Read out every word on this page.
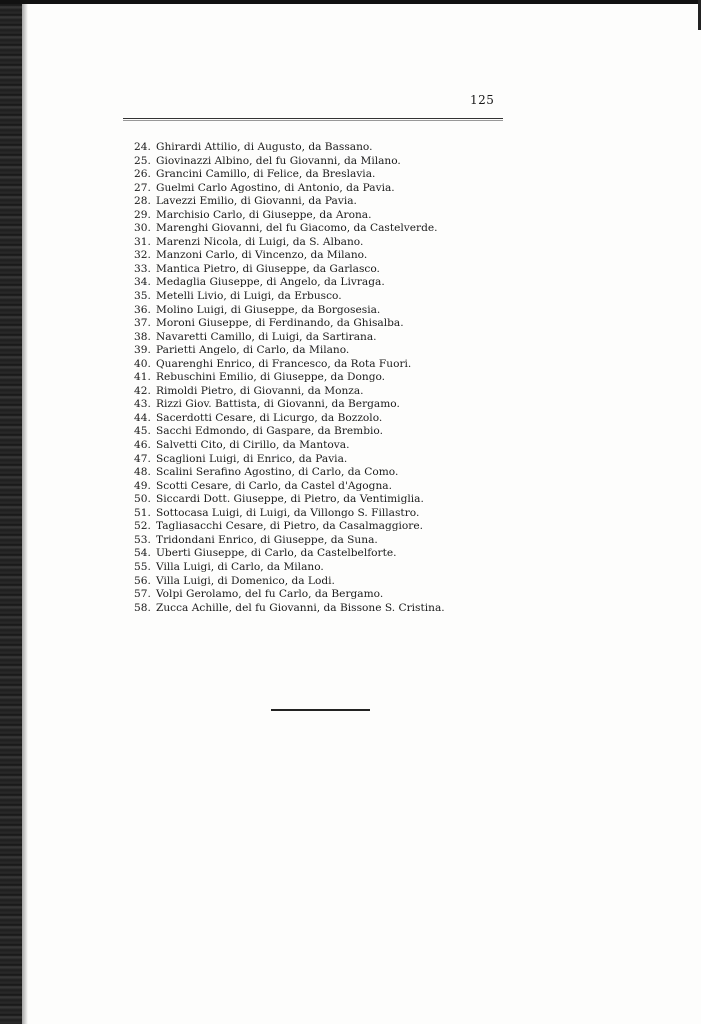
125
24. Ghirardi Attilio, di Augusto, da Bassano.
25. Giovinazzi Albino, del fu Giovanni, da Milano.
26. Grancini Camillo, di Felice, da Breslavia.
27. Guelmi Carlo Agostino, di Antonio, da Pavia.
28. Lavezzi Emilio, di Giovanni, da Pavia.
29. Marchisio Carlo, di Giuseppe, da Arona.
30. Marenghi Giovanni, del fu Giacomo, da Castelverde.
31. Marenzi Nicola, di Luigi, da S. Albano.
32. Manzoni Carlo, di Vincenzo, da Milano.
33. Mantica Pietro, di Giuseppe, da Garlasco.
34. Medaglia Giuseppe, di Angelo, da Livraga.
35. Metelli Livio, di Luigi, da Erbusco.
36. Molino Luigi, di Giuseppe, da Borgosesia.
37. Moroni Giuseppe, di Ferdinando, da Ghisalba.
38. Navaretti Camillo, di Luigi, da Sartirana.
39. Parietti Angelo, di Carlo, da Milano.
40. Quarenghi Enrico, di Francesco, da Rota Fuori.
41. Rebuschini Emilio, di Giuseppe, da Dongo.
42. Rimoldi Pietro, di Giovanni, da Monza.
43. Rizzi Giov. Battista, di Giovanni, da Bergamo.
44. Sacerdotti Cesare, di Licurgo, da Bozzolo.
45. Sacchi Edmondo, di Gaspare, da Brembio.
46. Salvetti Cito, di Cirillo, da Mantova.
47. Scaglioni Luigi, di Enrico, da Pavia.
48. Scalini Serafino Agostino, di Carlo, da Como.
49. Scotti Cesare, di Carlo, da Castel d'Agogna.
50. Siccardi Dott. Giuseppe, di Pietro, da Ventimiglia.
51. Sottocasa Luigi, di Luigi, da Villongo S. Fillastro.
52. Tagliasacchi Cesare, di Pietro, da Casalmaggiore.
53. Tridondani Enrico, di Giuseppe, da Suna.
54. Uberti Giuseppe, di Carlo, da Castelbelforte.
55. Villa Luigi, di Carlo, da Milano.
56. Villa Luigi, di Domenico, da Lodi.
57. Volpi Gerolamo, del fu Carlo, da Bergamo.
58. Zucca Achille, del fu Giovanni, da Bissone S. Cristina.
